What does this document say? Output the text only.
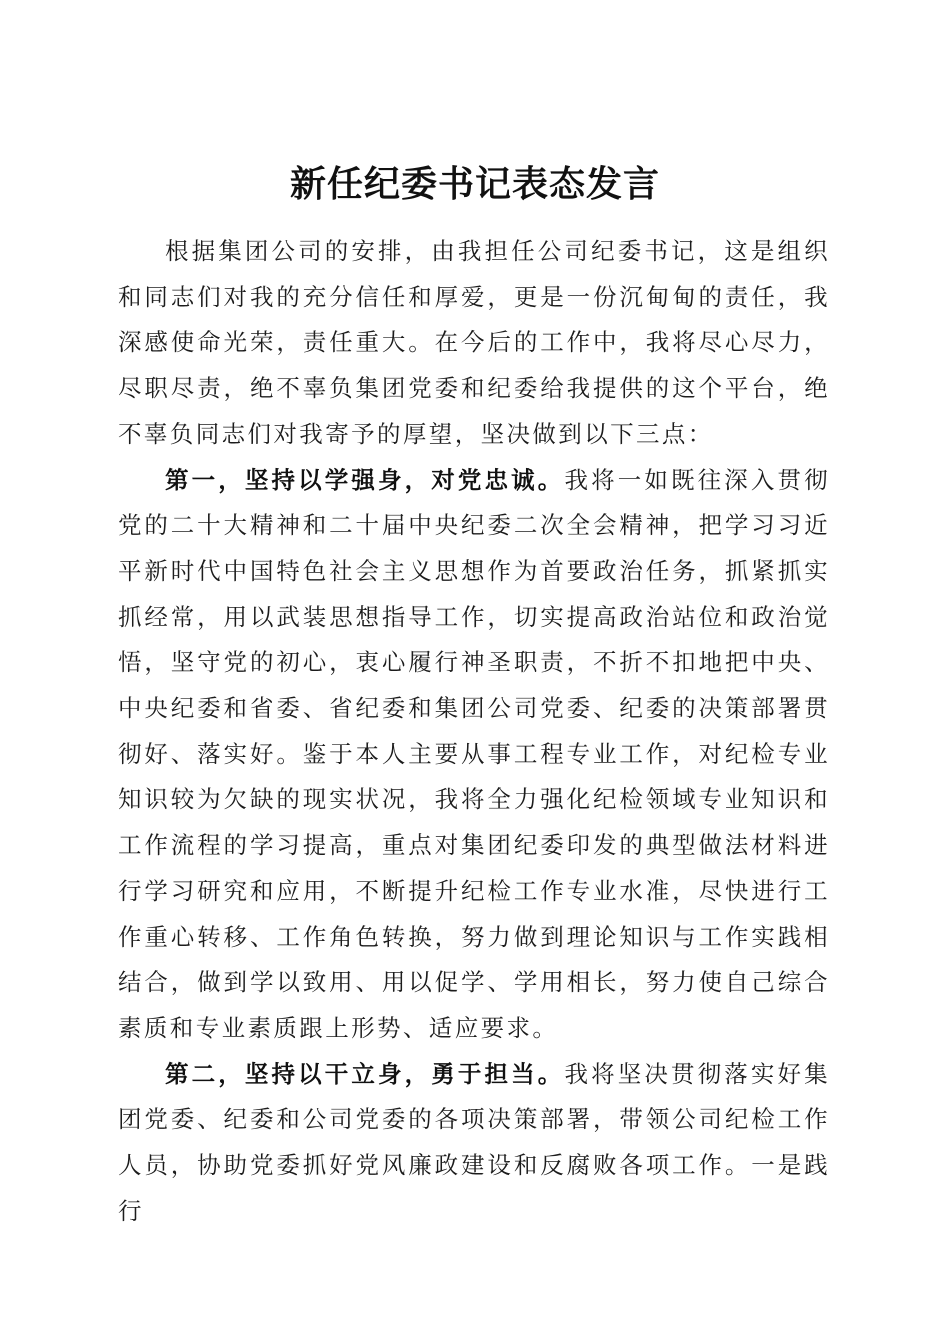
新任纪委书记表态发言

根据集团公司的安排，由我担任公司纪委书记，这是组织和同志们对我的充分信任和厚爱，更是一份沉甸甸的责任，我深感使命光荣，责任重大。在今后的工作中，我将尽心尽力，尽职尽责，绝不辜负集团党委和纪委给我提供的这个平台，绝不辜负同志们对我寄予的厚望，坚决做到以下三点：

第一，坚持以学强身，对党忠诚。我将一如既往深入贯彻党的二十大精神和二十届中央纪委二次全会精神，把学习习近平新时代中国特色社会主义思想作为首要政治任务，抓紧抓实抓经常，用以武装思想指导工作，切实提高政治站位和政治觉悟，坚守党的初心，衷心履行神圣职责，不折不扣地把中央、中央纪委和省委、省纪委和集团公司党委、纪委的决策部署贯彻好、落实好。鉴于本人主要从事工程专业工作，对纪检专业知识较为欠缺的现实状况，我将全力强化纪检领域专业知识和工作流程的学习提高，重点对集团纪委印发的典型做法材料进行学习研究和应用，不断提升纪检工作专业水准，尽快进行工作重心转移、工作角色转换，努力做到理论知识与工作实践相结合，做到学以致用、用以促学、学用相长，努力使自己综合素质和专业素质跟上形势、适应要求。

第二，坚持以干立身，勇于担当。我将坚决贯彻落实好集团党委、纪委和公司党委的各项决策部署，带领公司纪检工作人员，协助党委抓好党风廉政建设和反腐败各项工作。一是践行
